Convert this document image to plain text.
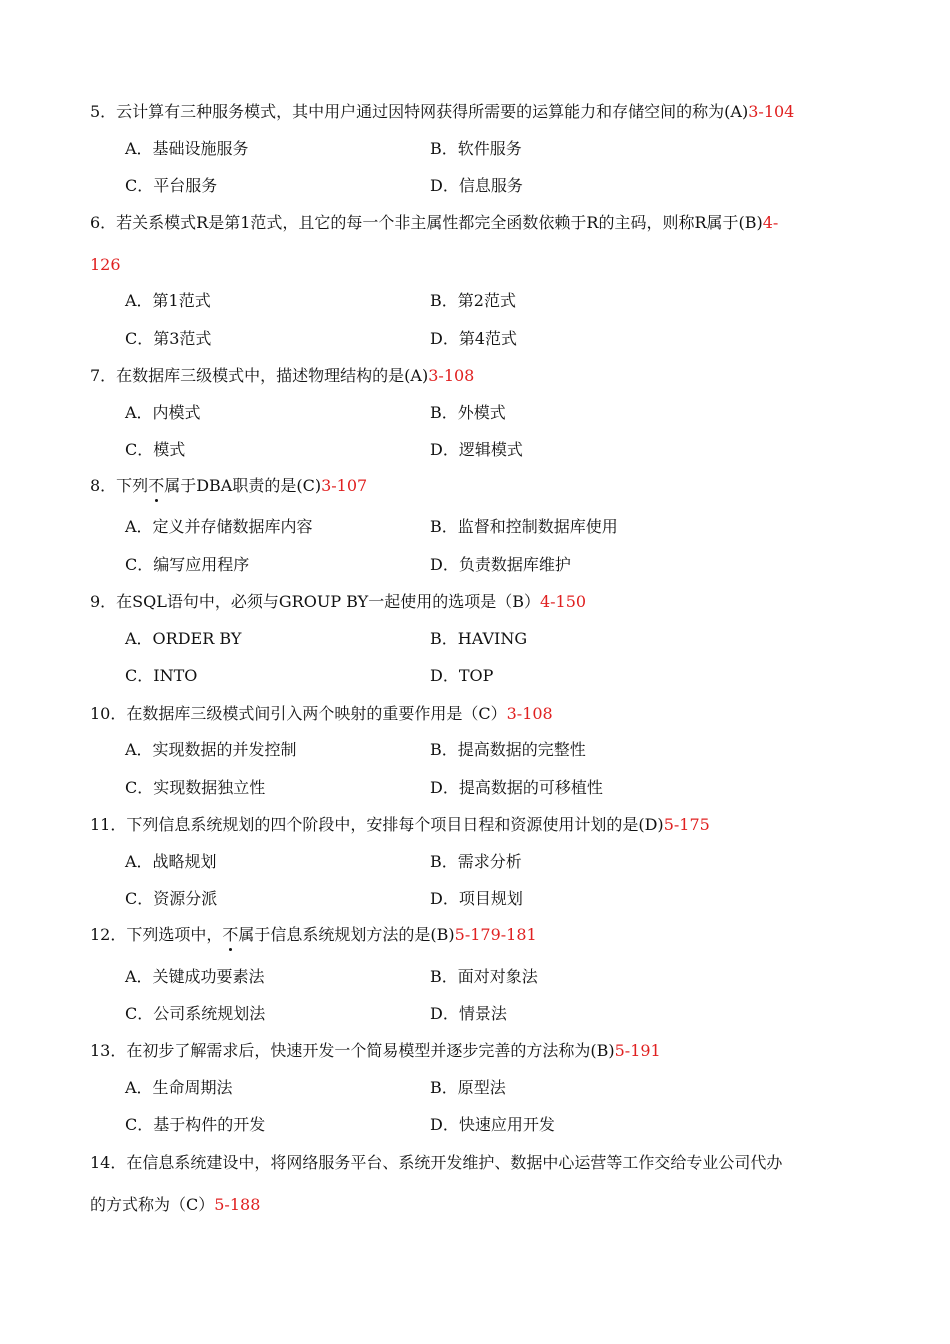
5．云计算有三种服务模式，其中用户通过因特网获得所需要的运算能力和存储空间的称为(A)3-104
A．基础设施服务	B．软件服务
C．平台服务	D．信息服务
6．若关系模式R是第1范式，且它的每一个非主属性都完全函数依赖于R的主码，则称R属于(B)4-
126
A．第1范式	B．第2范式
C．第3范式	D．第4范式
7．在数据库三级模式中，描述物理结构的是(A)3-108
A．内模式	B．外模式
C．模式	D．逻辑模式
8．下列不属于DBA职责的是(C)3-107
A．定义并存储数据库内容	B．监督和控制数据库使用
C．编写应用程序	D．负责数据库维护
9．在SQL语句中，必须与GROUP BY一起使用的选项是（B）4-150
A．ORDER BY	B．HAVING
C．INTO	D．TOP
10．在数据库三级模式间引入两个映射的重要作用是（C）3-108
A．实现数据的并发控制	B．提高数据的完整性
C．实现数据独立性	D．提高数据的可移植性
11．下列信息系统规划的四个阶段中，安排每个项目日程和资源使用计划的是(D)5-175
A．战略规划	B．需求分析
C．资源分派	D．项目规划
12．下列选项中，不属于信息系统规划方法的是(B)5-179-181
A．关键成功要素法	B．面对对象法
C．公司系统规划法	D．情景法
13．在初步了解需求后，快速开发一个简易模型并逐步完善的方法称为(B)5-191
A．生命周期法	B．原型法
C．基于构件的开发	D．快速应用开发
14．在信息系统建设中，将网络服务平台、系统开发维护、数据中心运营等工作交给专业公司代办
的方式称为（C）5-188
